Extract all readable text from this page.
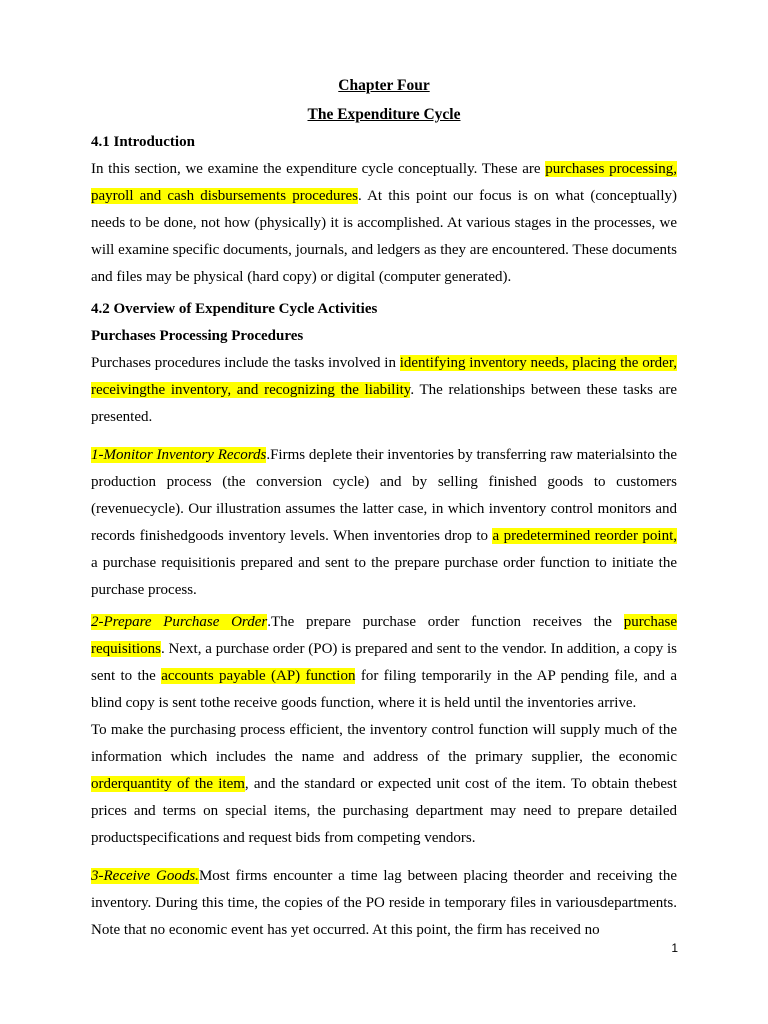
Chapter Four
The Expenditure Cycle
4.1 Introduction

In this section, we examine the expenditure cycle conceptually. These are purchases processing, payroll and cash disbursements procedures. At this point our focus is on what (conceptually) needs to be done, not how (physically) it is accomplished. At various stages in the processes, we will examine specific documents, journals, and ledgers as they are encountered. These documents and files may be physical (hard copy) or digital (computer generated).

4.2 Overview of Expenditure Cycle Activities
Purchases Processing Procedures

Purchases procedures include the tasks involved in identifying inventory needs, placing the order, receivingthe inventory, and recognizing the liability. The relationships between these tasks are presented.

1-Monitor Inventory Records.Firms deplete their inventories by transferring raw materialsinto the production process (the conversion cycle) and by selling finished goods to customers (revenuecycle). Our illustration assumes the latter case, in which inventory control monitors and records finishedgoods inventory levels. When inventories drop to a predetermined reorder point, a purchase requisitionis prepared and sent to the prepare purchase order function to initiate the purchase process.

2-Prepare Purchase Order.The prepare purchase order function receives the purchase requisitions. Next, a purchase order (PO) is prepared and sent to the vendor. In addition, a copy is sent to the accounts payable (AP) function for filing temporarily in the AP pending file, and a blind copy is sent tothe receive goods function, where it is held until the inventories arrive.

To make the purchasing process efficient, the inventory control function will supply much of the information which includes the name and address of the primary supplier, the economic orderquantity of the item, and the standard or expected unit cost of the item. To obtain thebest prices and terms on special items, the purchasing department may need to prepare detailed productspecifications and request bids from competing vendors.

3-Receive Goods.Most firms encounter a time lag between placing theorder and receiving the inventory. During this time, the copies of the PO reside in temporary files in variousdepartments. Note that no economic event has yet occurred. At this point, the firm has received no

1
